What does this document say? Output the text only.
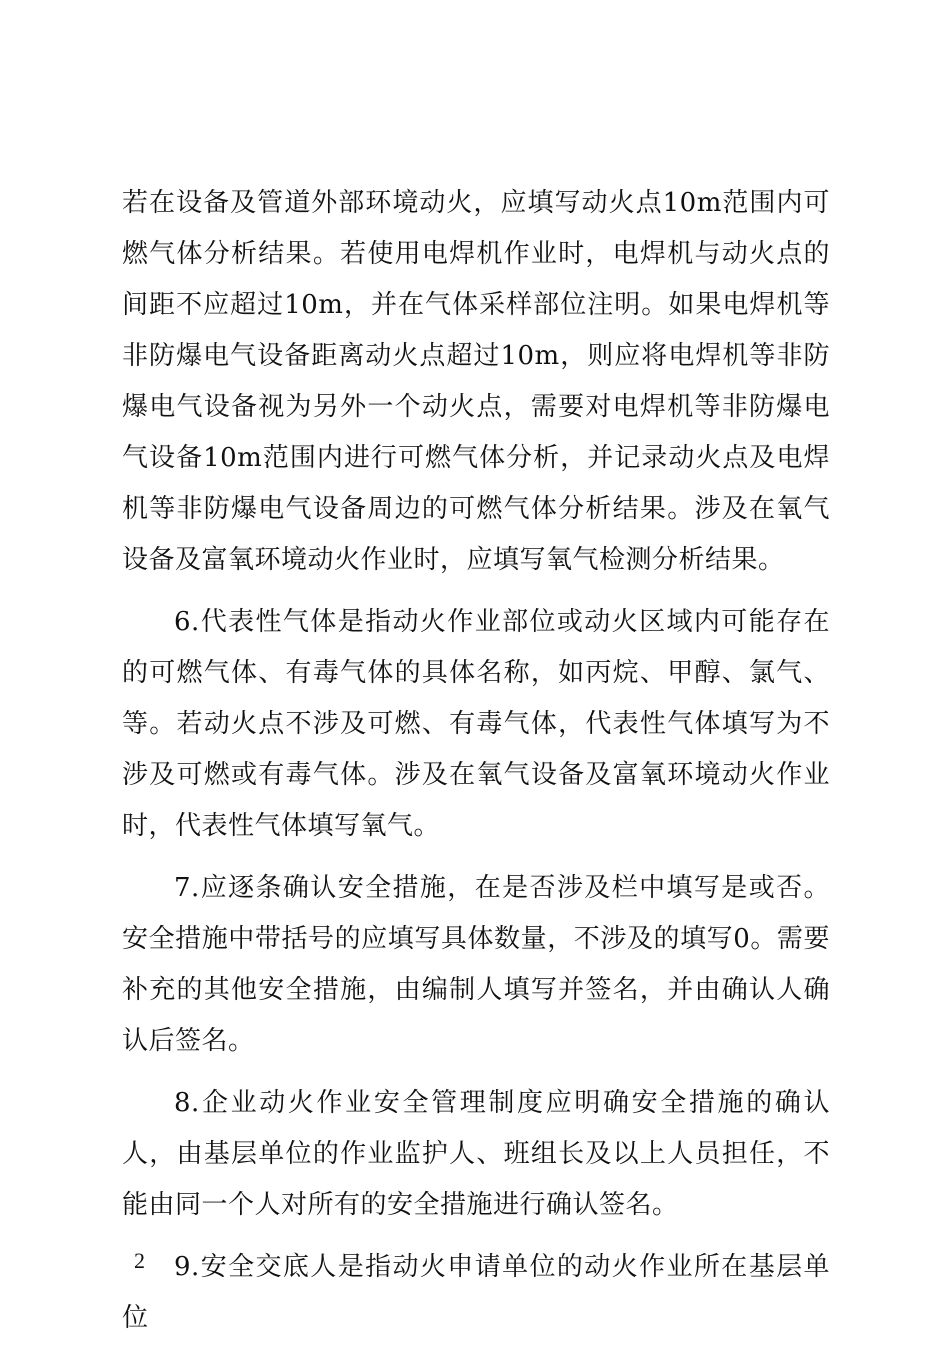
若在设备及管道外部环境动火，应填写动火点10m范围内可燃气体分析结果。若使用电焊机作业时，电焊机与动火点的间距不应超过10m，并在气体采样部位注明。如果电焊机等非防爆电气设备距离动火点超过10m，则应将电焊机等非防爆电气设备视为另外一个动火点，需要对电焊机等非防爆电气设备10m范围内进行可燃气体分析，并记录动火点及电焊机等非防爆电气设备周边的可燃气体分析结果。涉及在氧气设备及富氧环境动火作业时，应填写氧气检测分析结果。

6.代表性气体是指动火作业部位或动火区域内可能存在的可燃气体、有毒气体的具体名称，如丙烷、甲醇、氯气、等。若动火点不涉及可燃、有毒气体，代表性气体填写为不涉及可燃或有毒气体。涉及在氧气设备及富氧环境动火作业时，代表性气体填写氧气。

7.应逐条确认安全措施，在是否涉及栏中填写是或否。安全措施中带括号的应填写具体数量，不涉及的填写0。需要补充的其他安全措施，由编制人填写并签名，并由确认人确认后签名。

8.企业动火作业安全管理制度应明确安全措施的确认人，由基层单位的作业监护人、班组长及以上人员担任，不能由同一个人对所有的安全措施进行确认签名。

9.安全交底人是指动火申请单位的动火作业所在基层单位

2
